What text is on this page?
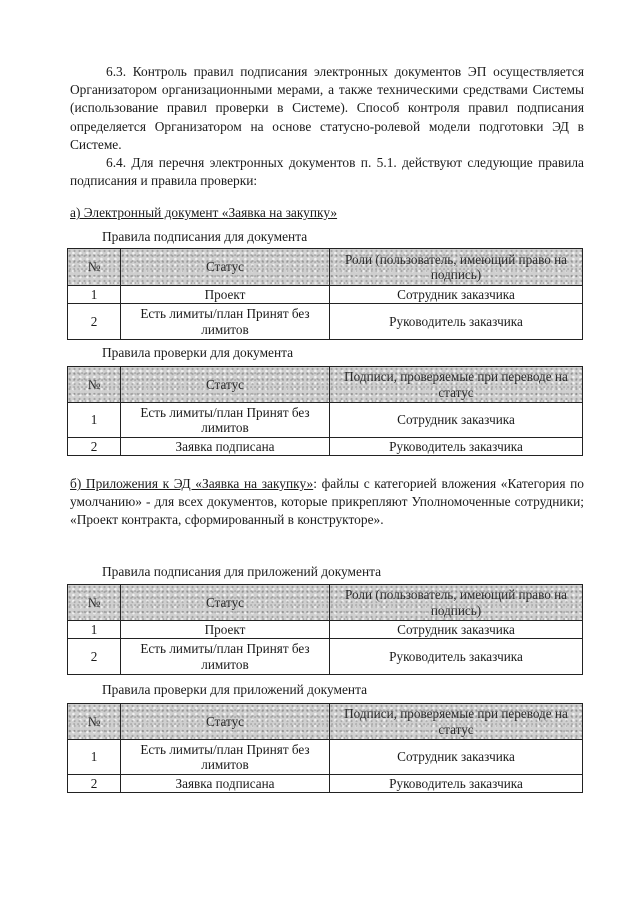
6.3. Контроль правил подписания электронных документов ЭП осуществляется Организатором организационными мерами, а также техническими средствами Системы (использование правил проверки в Системе). Способ контроля правил подписания определяется Организатором на основе статусно-ролевой модели подготовки ЭД в Системе.

6.4. Для перечня электронных документов п. 5.1. действуют следующие правила подписания и правила проверки:

а) Электронный документ «Заявка на закупку»

Правила подписания для документа

№	Статус	Роли (пользователь, имеющий право на подпись)
1	Проект	Сотрудник заказчика
2	Есть лимиты/план Принят без лимитов	Руководитель заказчика

Правила проверки для документа

№	Статус	Подписи, проверяемые при переводе на статус
1	Есть лимиты/план Принят без лимитов	Сотрудник заказчика
2	Заявка подписана	Руководитель заказчика

б) Приложения к ЭД «Заявка на закупку»: файлы с категорией вложения «Категория по умолчанию» - для всех документов, которые прикрепляют Уполномоченные сотрудники; «Проект контракта, сформированный в конструкторе».

Правила подписания для приложений документа

№	Статус	Роли (пользователь, имеющий право на подпись)
1	Проект	Сотрудник заказчика
2	Есть лимиты/план Принят без лимитов	Руководитель заказчика

Правила проверки для приложений документа

№	Статус	Подписи, проверяемые при переводе на статус
1	Есть лимиты/план Принят без лимитов	Сотрудник заказчика
2	Заявка подписана	Руководитель заказчика
